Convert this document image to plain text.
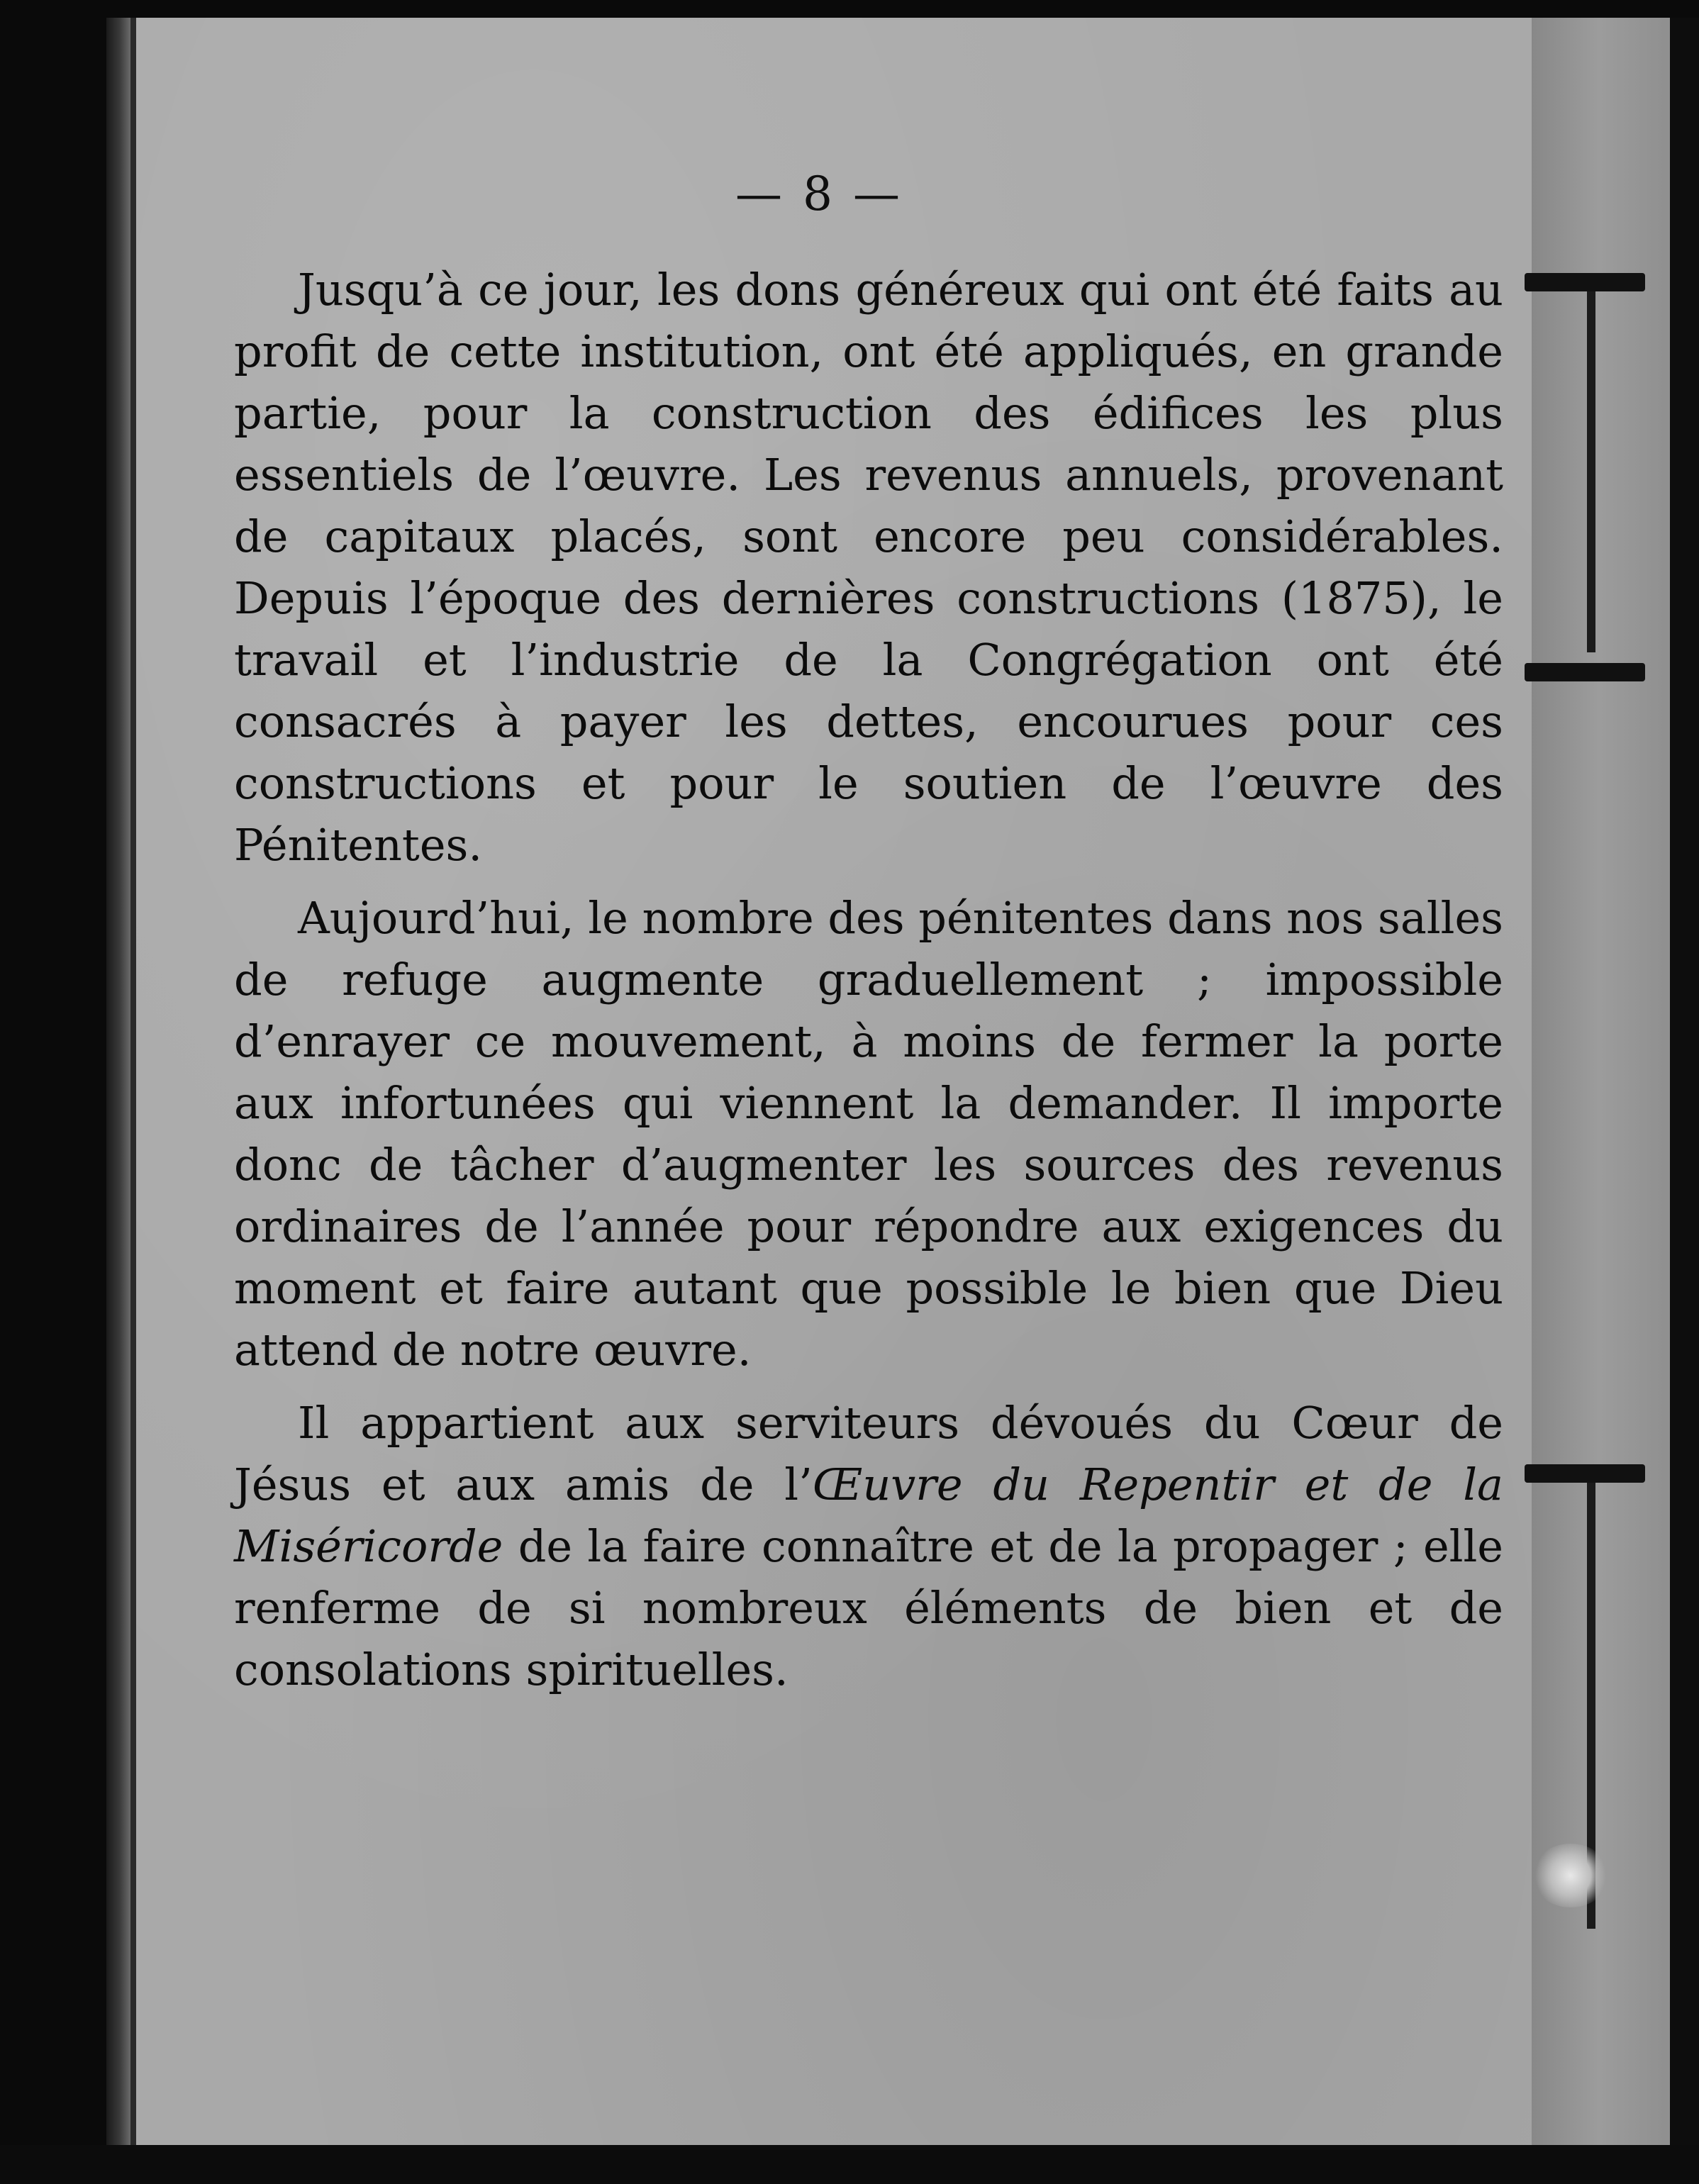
— 8 —

Jusqu’à ce jour, les dons généreux qui ont été faits au profit de cette institution, ont été appliqués, en grande partie, pour la construction des édifices les plus essentiels de l’œuvre. Les revenus annuels, provenant de capitaux placés, sont encore peu considérables. Depuis l’époque des dernières constructions (1875), le travail et l’industrie de la Congrégation ont été consacrés à payer les dettes, encourues pour ces constructions et pour le soutien de l’œuvre des Pénitentes.

Aujourd’hui, le nombre des pénitentes dans nos salles de refuge augmente graduellement ; impossible d’enrayer ce mouvement, à moins de fermer la porte aux infortunées qui viennent la demander. Il importe donc de tâcher d’augmenter les sources des revenus ordinaires de l’année pour répondre aux exigences du moment et faire autant que possible le bien que Dieu attend de notre œuvre.

Il appartient aux serviteurs dévoués du Cœur de Jésus et aux amis de l’Œuvre du Repentir et de la Miséricorde de la faire connaître et de la propager ; elle renferme de si nombreux éléments de bien et de consolations spirituelles.
